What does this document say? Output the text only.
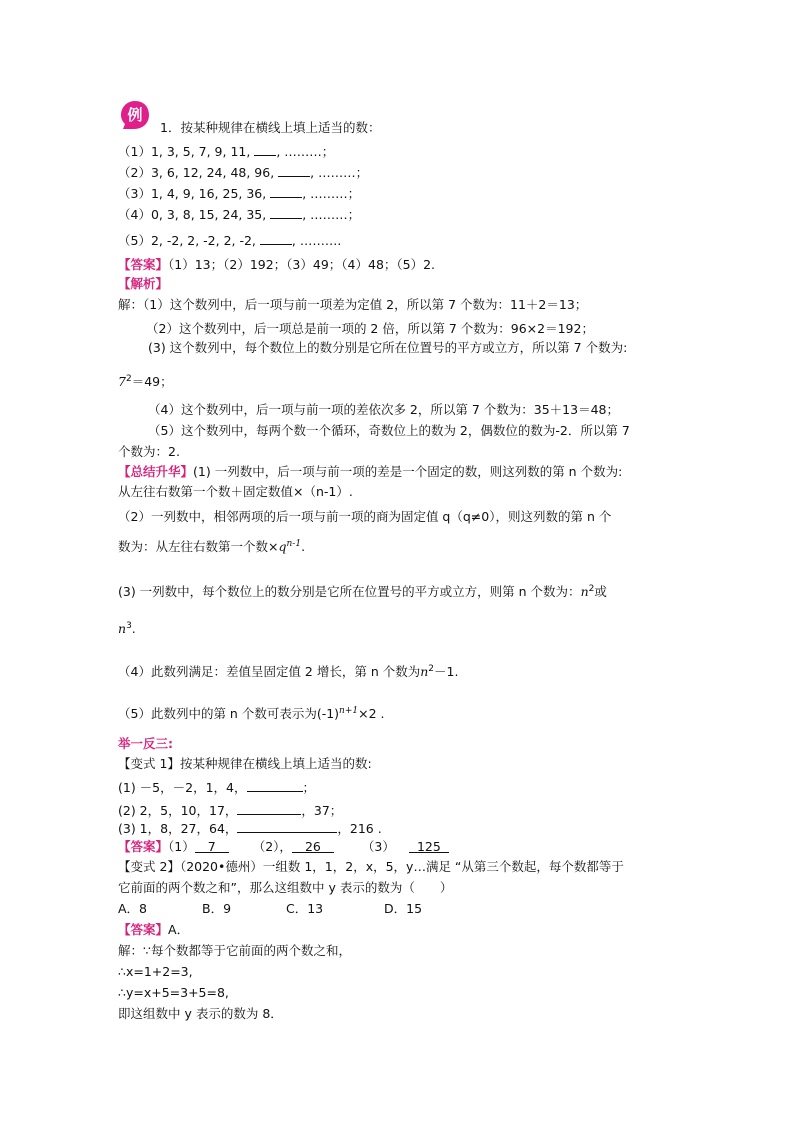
例
1．按某种规律在横线上填上适当的数：
（1）1, 3, 5, 7, 9, 11, , ………；
（2）3, 6, 12, 24, 48, 96,	, ………；
（3）1, 4, 9, 16, 25, 36,	, ………；
（4）0, 3, 8, 15, 24, 35,	, ………；
（5）2, -2, 2, -2, 2, -2,	, ……….
【答案】（1）13；（2）192；（3）49；（4）48；（5）2.
【解析】
解：（1）这个数列中，后一项与前一项差为定值 2，所以第 7 个数为：11＋2＝13；
（2）这个数列中，后一项总是前一项的 2 倍，所以第 7 个数为：96×2＝192；
(3) 这个数列中，每个数位上的数分别是它所在位置号的平方或立方，所以第 7 个数为:
$7^2=49$；
（4）这个数列中，后一项与前一项的差依次多 2，所以第 7 个数为：35＋13＝48；
（5）这个数列中，每两个数一个循环，奇数位上的数为 2，偶数位的数为-2．所以第 7
个数为：2.
【总结升华】(1) 一列数中，后一项与前一项的差是一个固定的数，则这列数的第 n 个数为:
从左往右数第一个数＋固定数值×（n-1）.
（2）一列数中，相邻两项的后一项与前一项的商为固定值 q（q≠0），则这列数的第 n 个
数为：从左往右数第一个数$\times q^{n-1}$.
(3) 一列数中，每个数位上的数分别是它所在位置号的平方或立方，则第 n 个数为：$n^2$或
$n^3$.
（4）此数列满足：差值呈固定值 2 增长，第 n 个数为$n^2-1$.
（5）此数列中的第 n 个数可表示为$(-1)^{n+1}\times 2$ .
举一反三:
【变式 1】按某种规律在横线上填上适当的数:
(1) －5，－2，1，4，	；
(2) 2，5，10，17，	，37；
(3) 1，8，27，64，	，216 .
【答案】（1） 7	（2）， 26	（3） 125
【变式 2】（2020•德州）一组数 1，1，2，x，5，y…满足 “从第三个数起，每个数都等于
它前面的两个数之和”，那么这组数中 y 表示的数为（　　）
A．8	B．9	C．13	D．15
【答案】A．
解：∵每个数都等于它前面的两个数之和，
∴x=1+2=3,
∴y=x+5=3+5=8,
即这组数中 y 表示的数为 8．
